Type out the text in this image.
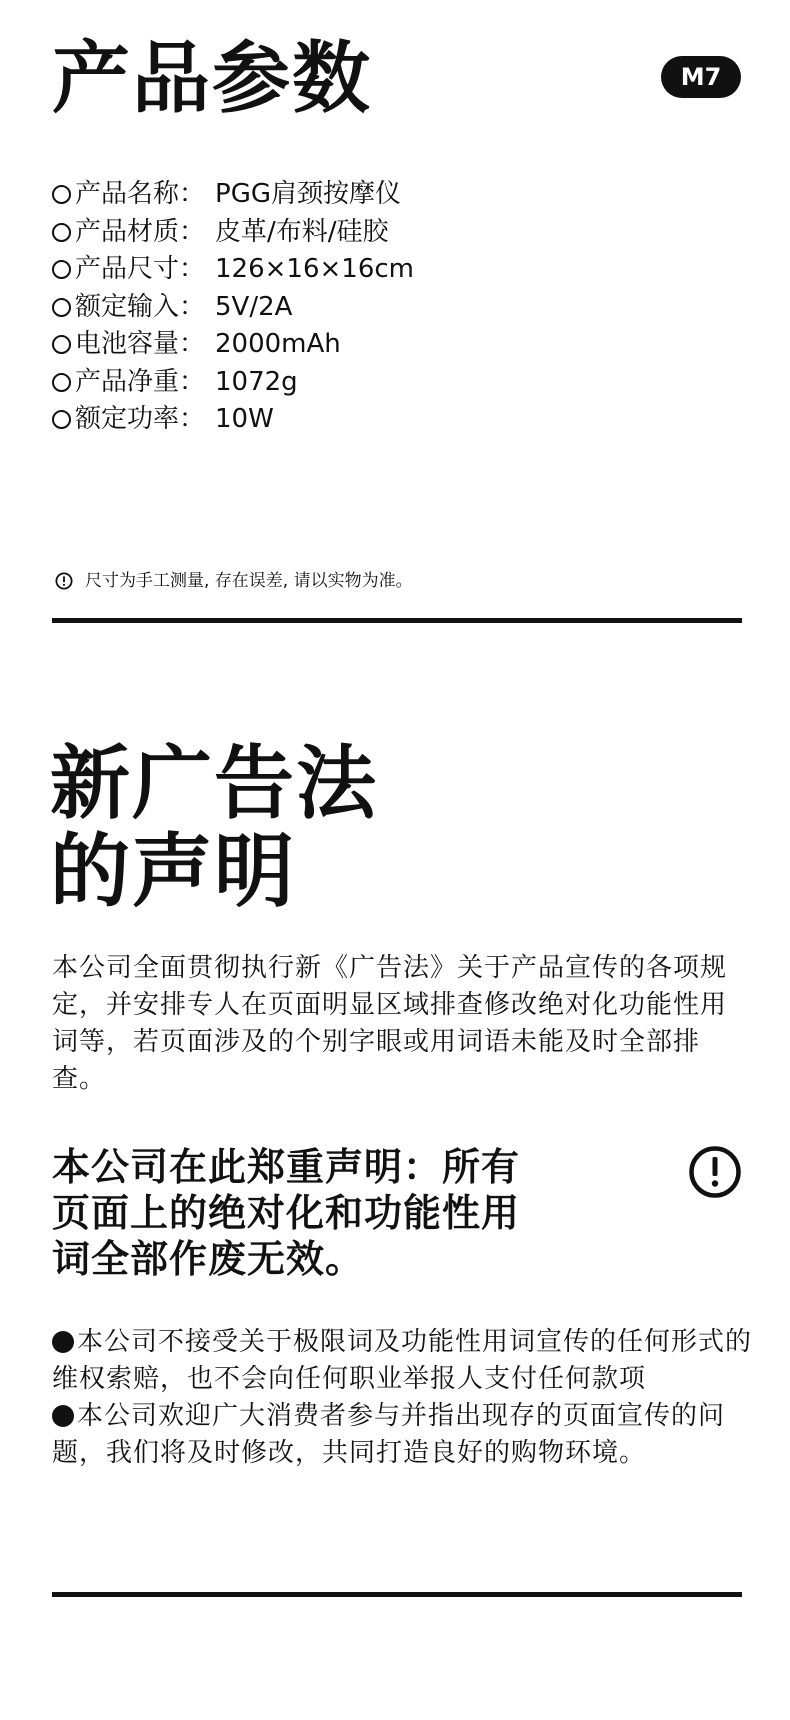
产品参数	M7
产品名称： PGG肩颈按摩仪
产品材质： 皮革/布料/硅胶
产品尺寸： 126×16×16cm
额定输入： 5V/2A
电池容量： 2000mAh
产品净重： 1072g
额定功率： 10W
尺寸为手工测量, 存在误差, 请以实物为准。
新广告法
的声明
本公司全面贯彻执行新《广告法》关于产品宣传的各项规定，并安排专人在页面明显区域排查修改绝对化功能性用词等，若页面涉及的个别字眼或用词语未能及时全部排查。
本公司在此郑重声明：所有
页面上的绝对化和功能性用
词全部作废无效。
本公司不接受关于极限词及功能性用词宣传的任何形式的维权索赔，也不会向任何职业举报人支付任何款项
本公司欢迎广大消费者参与并指出现存的页面宣传的问题，我们将及时修改，共同打造良好的购物环境。
